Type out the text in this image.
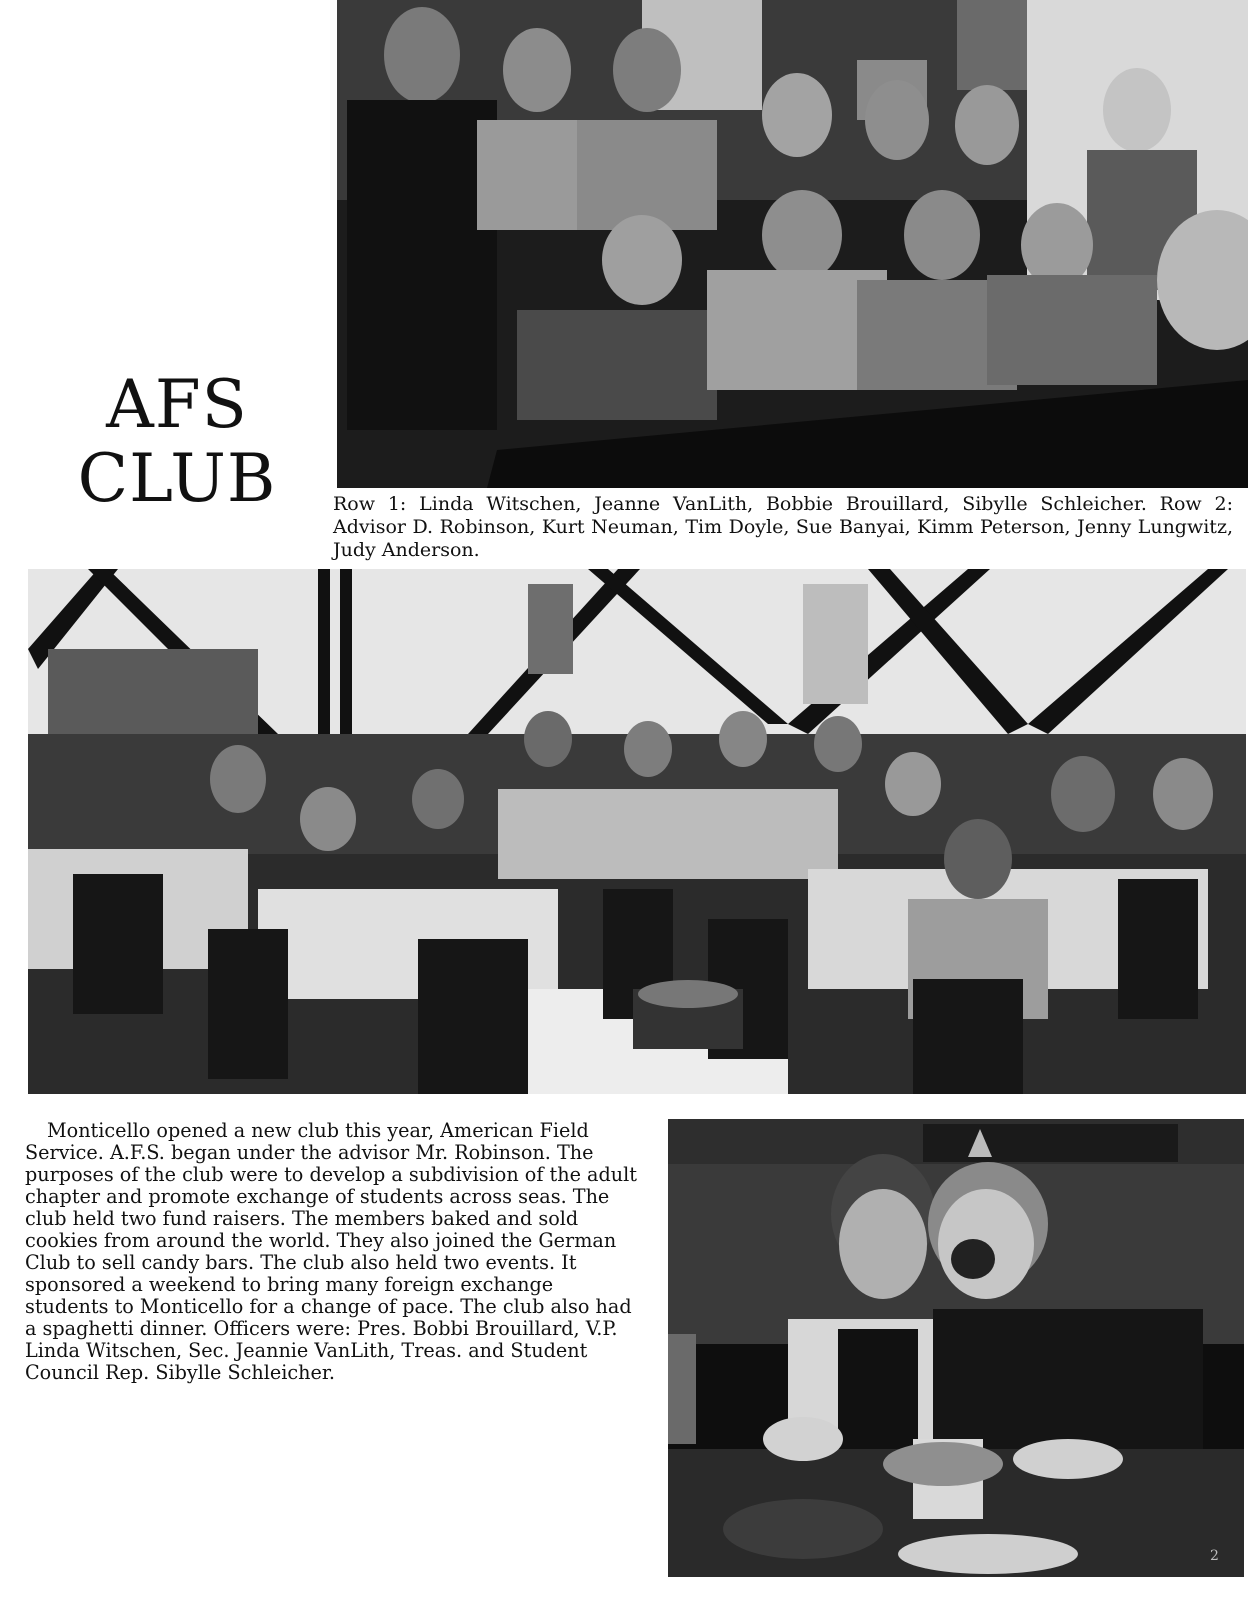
AFS
CLUB	Row 1: Linda Witschen, Jeanne VanLith, Bobbie Brouillard, Sibylle Schleicher. Row 2: Advisor D. Robinson, Kurt Neuman, Tim Doyle, Sue Banyai, Kimm Peterson, Jenny Lungwitz, Judy Anderson.
Monticello opened a new club this year, American Field Service. A.F.S. began under the advisor Mr. Robinson. The purposes of the club were to develop a subdivision of the adult chapter and promote exchange of students across seas. The club held two fund raisers. The members baked and sold cookies from around the world. They also joined the German Club to sell candy bars. The club also held two events. It sponsored a weekend to bring many foreign exchange students to Monticello for a change of pace. The club also had a spaghetti dinner. Officers were: Pres. Bobbi Brouillard, V.P. Linda Witschen, Sec. Jeannie VanLith, Treas. and Student Council Rep. Sibylle Schleicher.
2
